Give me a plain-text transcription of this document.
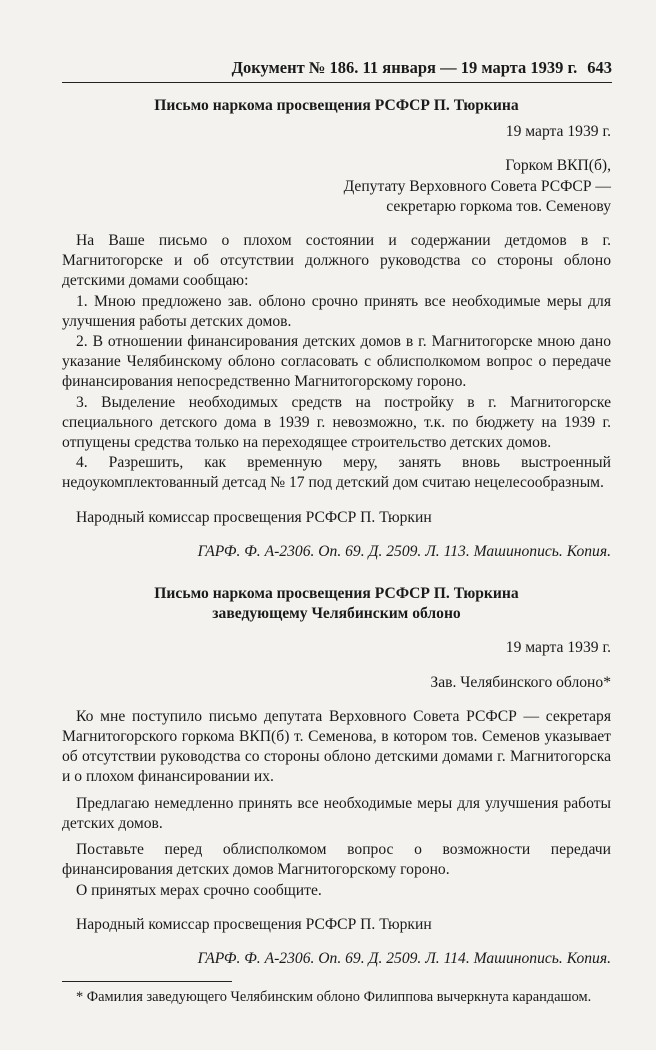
Документ № 186. 11 января — 19 марта 1939 г. 643

Письмо наркома просвещения РСФСР П. Тюркина

19 марта 1939 г.

Горком ВКП(б),

Депутату Верховного Совета РСФСР —

секретарю горкома тов. Семенову

На Ваше письмо о плохом состоянии и содержании детдомов в г. Магнитогорске и об отсутствии должного руководства со стороны облоно детскими домами сообщаю:

1. Мною предложено зав. облоно срочно принять все необходимые меры для улучшения работы детских домов.

2. В отношении финансирования детских домов в г. Магнитогорске мною дано указание Челябинскому облоно согласовать с облисполкомом вопрос о передаче финансирования непосредственно Магнитогорскому гороно.

3. Выделение необходимых средств на постройку в г. Магнитогорске специального детского дома в 1939 г. невозможно, т.к. по бюджету на 1939 г. отпущены средства только на переходящее строительство детских домов.

4. Разрешить, как временную меру, занять вновь выстроенный недоукомплектованный детсад № 17 под детский дом считаю нецелесообразным.

Народный комиссар просвещения РСФСР П. Тюркин

ГАРФ. Ф. А-2306. Оп. 69. Д. 2509. Л. 113. Машинопись. Копия.

Письмо наркома просвещения РСФСР П. Тюркина

заведующему Челябинским облоно

19 марта 1939 г.

Зав. Челябинского облоно*

Ко мне поступило письмо депутата Верховного Совета РСФСР — секретаря Магнитогорского горкома ВКП(б) т. Семенова, в котором тов. Семенов указывает об отсутствии руководства со стороны облоно детскими домами г. Магнитогорска и о плохом финансировании их.

Предлагаю немедленно принять все необходимые меры для улучшения работы детских домов.

Поставьте перед облисполкомом вопрос о возможности передачи финансирования детских домов Магнитогорскому гороно.

О принятых мерах срочно сообщите.

Народный комиссар просвещения РСФСР П. Тюркин

ГАРФ. Ф. А-2306. Оп. 69. Д. 2509. Л. 114. Машинопись. Копия.

* Фамилия заведующего Челябинским облоно Филиппова вычеркнута карандашом.
